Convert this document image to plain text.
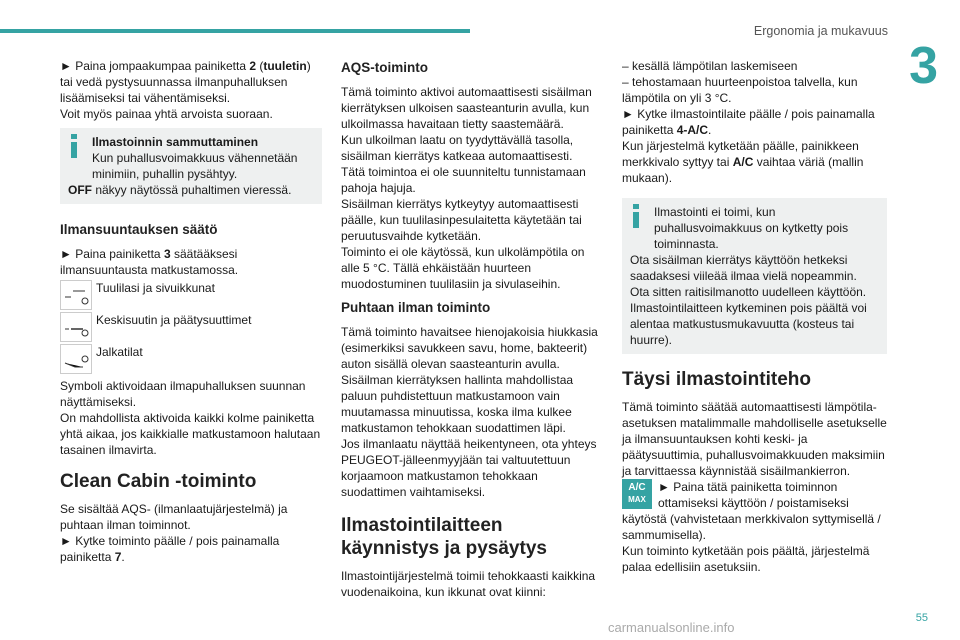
Ergonomia ja mukavuus
3

► Paina jompaakumpaa painiketta 2 (tuuletin) tai vedä pystysuunnassa ilmanpuhalluksen lisäämiseksi tai vähentämiseksi.

Voit myös painaa yhtä arvoista suoraan.

Ilmastoinnin sammuttaminen
Kun puhallusvoimakkuus vähennetään minimiin, puhallin pysähtyy.
OFF näkyy näytössä puhaltimen vieressä.
Ilmansuuntauksen säätö

► Paina painiketta 3 säätääksesi ilmansuuntausta matkustamossa.

Tuulilasi ja sivuikkunat
Keskisuutin ja päätysuuttimet
Jalkatilat

Symboli aktivoidaan ilmapuhalluksen suunnan näyttämiseksi.

On mahdollista aktivoida kaikki kolme painiketta yhtä aikaa, jos kaikkialle matkustamoon halutaan tasainen ilmavirta.

Clean Cabin -toiminto

Se sisältää AQS- (ilmanlaatujärjestelmä) ja puhtaan ilman toiminnot.

► Kytke toiminto päälle / pois painamalla painiketta 7.

AQS-toiminto

Tämä toiminto aktivoi automaattisesti sisäilman kierrätyksen ulkoisen saasteanturin avulla, kun ulkoilmassa havaitaan tietty saastemäärä.

Kun ulkoilman laatu on tyydyttävällä tasolla, sisäilman kierrätys katkeaa automaattisesti.

Tätä toimintoa ei ole suunniteltu tunnistamaan pahoja hajuja.

Sisäilman kierrätys kytkeytyy automaattisesti päälle, kun tuulilasinpesulaitetta käytetään tai peruutusvaihde kytketään.

Toiminto ei ole käytössä, kun ulkolämpötila on alle 5 °C. Tällä ehkäistään huurteen muodostuminen tuulilasiin ja sivulaseihin.

Puhtaan ilman toiminto

Tämä toiminto havaitsee hienojakoisia hiukkasia (esimerkiksi savukkeen savu, home, bakteerit) auton sisällä olevan saasteanturin avulla.

Sisäilman kierrätyksen hallinta mahdollistaa paluun puhdistettuun matkustamoon vain muutamassa minuutissa, koska ilma kulkee matkustamon tehokkaan suodattimen läpi.

Jos ilmanlaatu näyttää heikentyneen, ota yhteys PEUGEOT-jälleenmyyjään tai valtuutettuun korjaamoon matkustamon tehokkaan suodattimen vaihtamiseksi.

Ilmastointilaitteen käynnistys ja pysäytys

Ilmastointijärjestelmä toimii tehokkaasti kaikkina vuodenaikoina, kun ikkunat ovat kiinni:

– kesällä lämpötilan laskemiseen

– tehostamaan huurteenpoistoa talvella, kun lämpötila on yli 3 °C.

► Kytke ilmastointilaite päälle / pois painamalla painiketta 4-A/C.

Kun järjestelmä kytketään päälle, painikkeen merkkivalo syttyy tai A/C vaihtaa väriä (mallin mukaan).

Ilmastointi ei toimi, kun puhallusvoimakkuus on kytketty pois toiminnasta.
Ota sisäilman kierrätys käyttöön hetkeksi saadaksesi viileää ilmaa vielä nopeammin. Ota sitten raitisilmanotto uudelleen käyttöön.
Ilmastointilaitteen kytkeminen pois päältä voi alentaa matkustusmukavuutta (kosteus tai huurre).
Täysi ilmastointiteho

Tämä toiminto säätää automaattisesti lämpötila-asetuksen matalimmalle mahdolliselle asetukselle ja ilmansuuntauksen kohti keski- ja päätysuuttimia, puhallusvoimakkuuden maksimiin ja tarvittaessa käynnistää sisäilmankierron.

A/C
MAX
► Paina tätä painiketta toiminnon ottamiseksi käyttöön / poistamiseksi käytöstä (vahvistetaan merkkivalon syttymisellä / sammumisella).

Kun toiminto kytketään pois päältä, järjestelmä palaa edellisiin asetuksiin.

55
carmanualsonline.info
